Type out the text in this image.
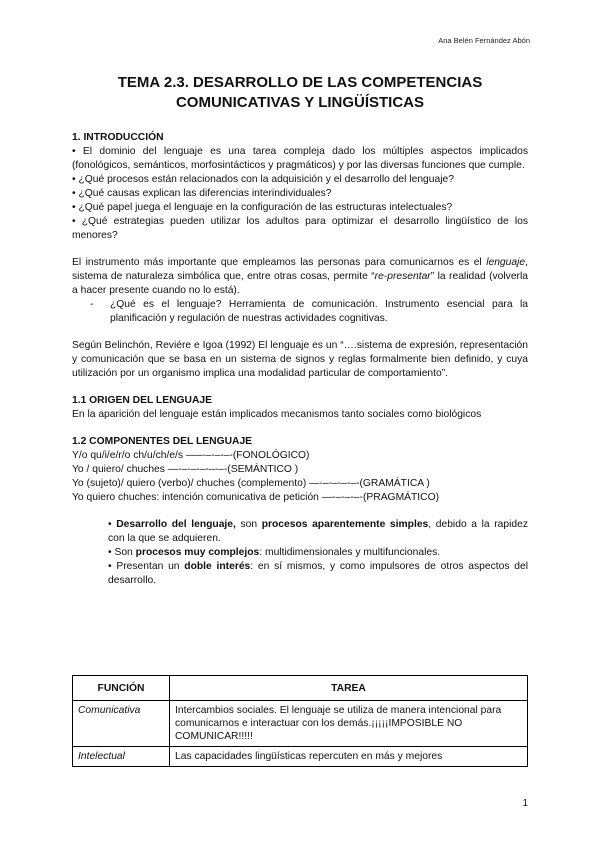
Ana Belén Fernández Abón
TEMA 2.3. DESARROLLO DE LAS COMPETENCIAS
COMUNICATIVAS Y LINGÜÍSTICAS

1. INTRODUCCIÓN

• El dominio del lenguaje es una tarea compleja dado los múltiples aspectos implicados (fonológicos, semánticos, morfosintácticos y pragmáticos) y por las diversas funciones que cumple.

• ¿Qué procesos están relacionados con la adquisición y el desarrollo del lenguaje?

• ¿Qué causas explican las diferencias interindividuales?

• ¿Qué papel juega el lenguaje en la configuración de las estructuras intelectuales?

• ¿Qué estrategias pueden utilizar los adultos para optimizar el desarrollo lingüístico de los menores?

El instrumento más importante que empleamos las personas para comunicarnos es el lenguaje, sistema de naturaleza simbólica que, entre otras cosas, permite “re-presentar” la realidad (volverla a hacer presente cuando no lo está).

-	¿Qué es el lenguaje? Herramienta de comunicación. Instrumento esencial para la planificación y regulación de nuestras actividades cognitivas.

Según Belinchón, Reviére e Igoa (1992) El lenguaje es un “….sistema de expresión, representación y comunicación que se basa en un sistema de signos y reglas formalmente bien definido, y cuya utilización por un organismo implica una modalidad particular de comportamiento”.

1.1 ORIGEN DEL LENGUAJE

En la aparición del lenguaje están implicados mecanismos tanto sociales como biológicos

1.2 COMPONENTES DEL LENGUAJE

Y/o qu/i/e/r/o ch/u/ch/e/s —–-–-–-–-(FONOLÓGICO)

Yo / quiero/ chuches —-–-–-–-–-–-(SEMÁNTICO )

Yo (sujeto)/ quiero (verbo)/ chuches (complemento) —-–-–-–-–-(GRAMÁTICA )

Yo quiero chuches: intención comunicativa de petición —-–-–-–-(PRAGMÁTICO)

• Desarrollo del lenguaje, son procesos aparentemente simples, debido a la rapidez con la que se adquieren.

• Son procesos muy complejos: multidimensionales y multifuncionales.

• Presentan un doble interés: en sí mismos, y como impulsores de otros aspectos del desarrollo.

FUNCIÓN	TAREA
Comunicativa	Intercambios sociales. El lenguaje se utiliza de manera intencional para comunicarnos e interactuar con los demás.¡¡¡¡¡IMPOSIBLE NO COMUNICAR!!!!!
Intelectual	Las capacidades lingüísticas repercuten en más y mejores
1
